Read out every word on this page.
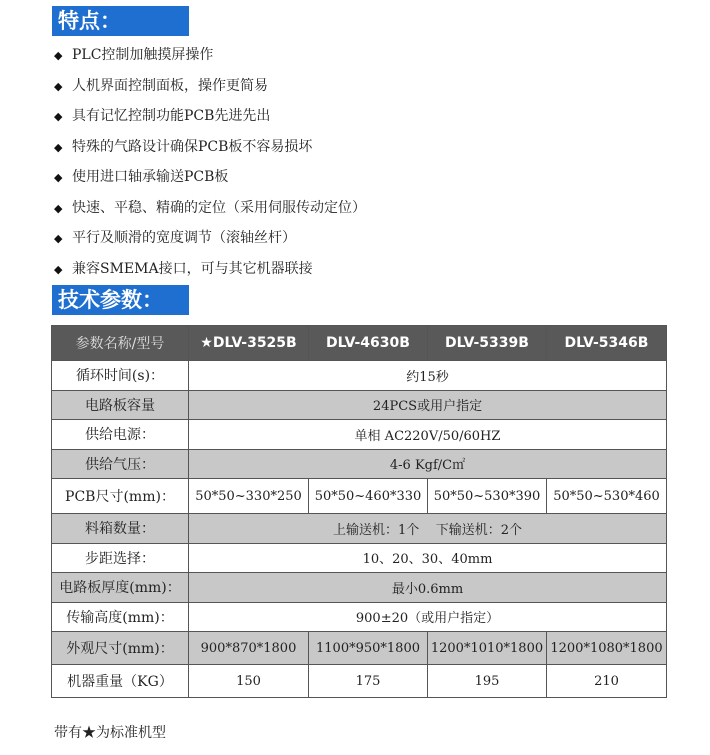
特点：
◆ PLC控制加触摸屏操作
◆ 人机界面控制面板，操作更简易
◆ 具有记忆控制功能PCB先进先出
◆ 特殊的气路设计确保PCB板不容易损坏
◆ 使用进口轴承输送PCB板
◆ 快速、平稳、精确的定位（采用伺服传动定位）
◆ 平行及顺滑的宽度调节（滚轴丝杆）
◆ 兼容SMEMA接口，可与其它机器联接
技术参数：
参数名称/型号	★DLV-3525B	DLV-4630B	DLV-5339B	DLV-5346B
循环时间(s)：	约15秒			
电路板容量	24PCS或用户指定			
供给电源：	单相 AC220V/50/60HZ			
供给气压：	4-6 Kgf/C㎡			
PCB尺寸(mm)：	50*50~330*250	50*50~460*330	50*50~530*390	50*50~530*460
料箱数量：	上输送机：1个    下输送机：2个			
步距选择：	10、20、30、40mm			
电路板厚度(mm)：	最小0.6mm			
传输高度(mm)：	900±20（或用户指定）			
外观尺寸(mm)：	900*870*1800	1100*950*1800	1200*1010*1800	1200*1080*1800
机器重量（KG）	150	175	195	210
带有★为标准机型
